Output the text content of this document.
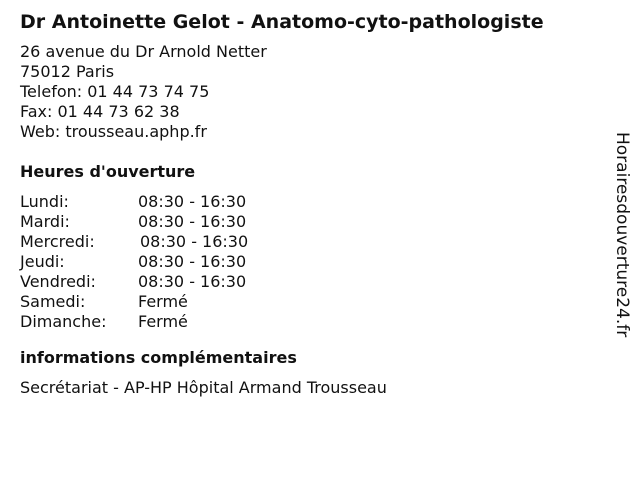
Dr Antoinette Gelot - Anatomo-cyto-pathologiste
26 avenue du Dr Arnold Netter
75012 Paris
Telefon: 01 44 73 74 75
Fax: 01 44 73 62 38
Web: trousseau.aphp.fr
Heures d'ouverture
Lundi:	08:30 - 16:30
Mardi:	08:30 - 16:30
Mercredi:	08:30 - 16:30
Jeudi:	08:30 - 16:30
Vendredi:	08:30 - 16:30
Samedi:	Fermé
Dimanche:	Fermé
informations complémentaires
Secrétariat - AP-HP Hôpital Armand Trousseau
Horairesdouverture24.fr
